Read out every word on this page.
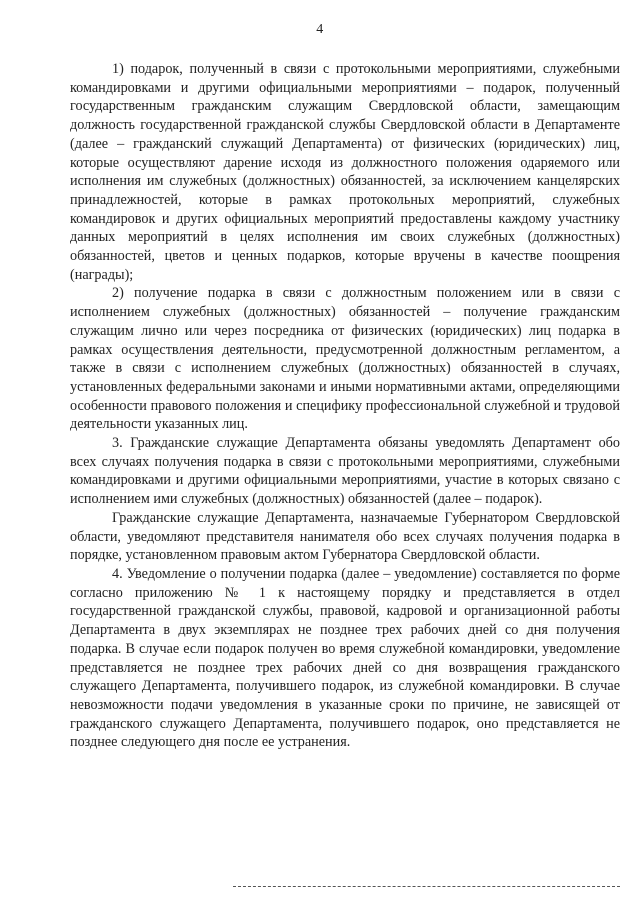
4

1) подарок, полученный в связи с протокольными мероприятиями, служебными командировками и другими официальными мероприятиями – подарок, полученный государственным гражданским служащим Свердловской области, замещающим должность государственной гражданской службы Свердловской области в Департаменте (далее – гражданский служащий Департамента) от физических (юридических) лиц, которые осуществляют дарение исходя из должностного положения одаряемого или исполнения им служебных (должностных) обязанностей, за исключением канцелярских принадлежностей, которые в рамках протокольных мероприятий, служебных командировок и других официальных мероприятий предоставлены каждому участнику данных мероприятий в целях исполнения им своих служебных (должностных) обязанностей, цветов и ценных подарков, которые вручены в качестве поощрения (награды);

2) получение подарка в связи с должностным положением или в связи с исполнением служебных (должностных) обязанностей – получение гражданским служащим лично или через посредника от физических (юридических) лиц подарка в рамках осуществления деятельности, предусмотренной должностным регламентом, а также в связи с исполнением служебных (должностных) обязанностей в случаях, установленных федеральными законами и иными нормативными актами, определяющими особенности правового положения и специфику профессиональной служебной и трудовой деятельности указанных лиц.

3. Гражданские служащие Департамента обязаны уведомлять Департамент обо всех случаях получения подарка в связи с протокольными мероприятиями, служебными командировками и другими официальными мероприятиями, участие в которых связано с исполнением ими служебных (должностных) обязанностей (далее – подарок).

Гражданские служащие Департамента, назначаемые Губернатором Свердловской области, уведомляют представителя нанимателя обо всех случаях получения подарка в порядке, установленном правовым актом Губернатора Свердловской области.

4. Уведомление о получении подарка (далее – уведомление) составляется по форме согласно приложению № 1 к настоящему порядку и представляется в отдел государственной гражданской службы, правовой, кадровой и организационной работы Департамента в двух экземплярах не позднее трех рабочих дней со дня получения подарка. В случае если подарок получен во время служебной командировки, уведомление представляется не позднее трех рабочих дней со дня возвращения гражданского служащего Департамента, получившего подарок, из служебной командировки. В случае невозможности подачи уведомления в указанные сроки по причине, не зависящей от гражданского служащего Департамента, получившего подарок, оно представляется не позднее следующего дня после ее устранения.
